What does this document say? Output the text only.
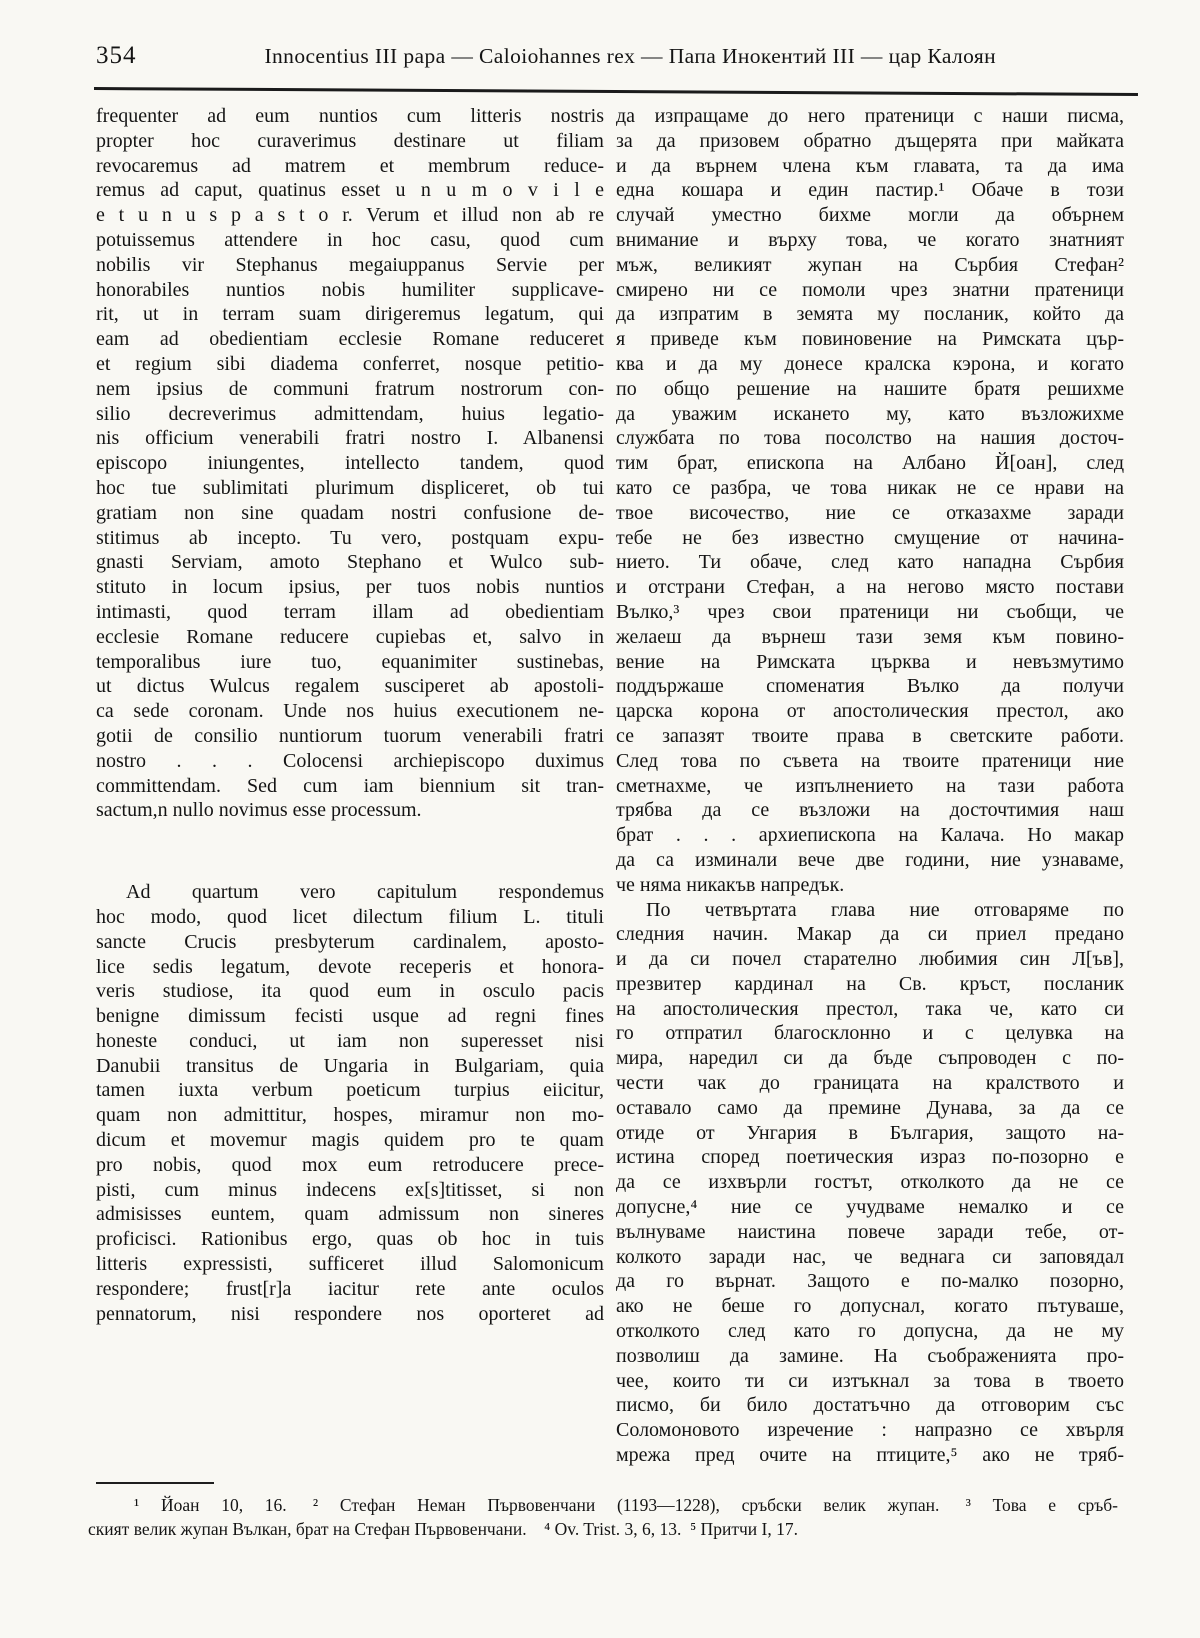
354	Innocentius III papa — Caloiohannes rex — Папа Инокентий III — цар Калоян
frequenter ad eum nuntios cum litteris nostris
propter hoc curaverimus destinare ut filiam
revocaremus ad matrem et membrum reduce-
remus ad caput, quatinus esset u n u m o v i l e
e t u n u s p a s t o r. Verum et illud non ab re
potuissemus attendere in hoc casu, quod cum
nobilis vir Stephanus megaiuppanus Servie per
honorabiles nuntios nobis humiliter supplicave-
rit, ut in terram suam dirigeremus legatum, qui
eam ad obedientiam ecclesie Romane reduceret
et regium sibi diadema conferret, nosque petitio-
nem ipsius de communi fratrum nostrorum con-
silio decreverimus admittendam, huius legatio-
nis officium venerabili fratri nostro I. Albanensi
episcopo iniungentes, intellecto tandem, quod
hoc tue sublimitati plurimum displiceret, ob tui
gratiam non sine quadam nostri confusione de-
stitimus ab incepto. Tu vero, postquam expu-
gnasti Serviam, amoto Stephano et Wulco sub-
stituto in locum ipsius, per tuos nobis nuntios
intimasti, quod terram illam ad obedientiam
ecclesie Romane reducere cupiebas et, salvo in
temporalibus iure tuo, equanimiter sustinebas,
ut dictus Wulcus regalem susciperet ab apostoli-
ca sede coronam. Unde nos huius executionem ne-
gotii de consilio nuntiorum tuorum venerabili fratri
nostro . . . Colocensi archiepiscopo duximus
committendam. Sed cum iam biennium sit tran-
sactum,n nullo novimus esse processum.
Ad quartum vero capitulum respondemus
hoc modo, quod licet dilectum filium L. tituli
sancte Crucis presbyterum cardinalem, aposto-
lice sedis legatum, devote receperis et honora-
veris studiose, ita quod eum in osculo pacis
benigne dimissum fecisti usque ad regni fines
honeste conduci, ut iam non superesset nisi
Danubii transitus de Ungaria in Bulgariam, quia
tamen iuxta verbum poeticum turpius eiicitur,
quam non admittitur, hospes, miramur non mo-
dicum et movemur magis quidem pro te quam
pro nobis, quod mox eum retroducere prece-
pisti, cum minus indecens ex[s]titisset, si non
admisisses euntem, quam admissum non sineres
proficisci. Rationibus ergo, quas ob hoc in tuis
litteris expressisti, sufficeret illud Salomonicum
respondere; frust[r]a iacitur rete ante oculos
pennatorum, nisi respondere nos oporteret ad
да изпращаме до него пратеници с наши писма,
за да призовем обратно дъщерята при майката
и да върнем члена към главата, та да има
една кошара и един пастир.¹ Обаче в този
случай уместно бихме могли да обърнем
внимание и върху това, че когато знатният
мъж, великият жупан на Сърбия Стефан²
смирено ни се помоли чрез знатни пратеници
да изпратим в земята му посланик, който да
я приведе към повиновение на Римската цър-
ква и да му донесе кралска кэрона, и когато
по общо решение на нашите братя решихме
да уважим искането му, като възложихме
службата по това посолство на нашия досточ-
тим брат, епископа на Албано Й[оан], след
като се разбра, че това никак не се нрави на
твое височество, ние се отказахме заради
тебе не без известно смущение от начина-
нието. Ти обаче, след като нападна Сърбия
и отстрани Стефан, а на негово място постави
Вълко,³ чрез свои пратеници ни съобщи, че
желаеш да върнеш тази земя към повино-
вение на Римската църква и невъзмутимо
поддържаше споменатия Вълко да получи
царска корона от апостолическия престол, ако
се запазят твоите права в светските работи.
След това по съвета на твоите пратеници ние
сметнахме, че изпълнението на тази работа
трябва да се възложи на досточтимия наш
брат . . . архиепископа на Калача. Но макар
да са изминали вече две години, ние узнаваме,
че няма никакъв напредък.
По четвъртата глава ние отговаряме по
следния начин. Макар да си приел предано
и да си почел старателно любимия син Л[ъв],
презвитер кардинал на Св. кръст, посланик
на апостолическия престол, така че, като си
го отпратил благосклонно и с целувка на
мира, наредил си да бъде съпроводен с по-
чести чак до границата на кралството и
оставало само да премине Дунава, за да се
отиде от Унгария в България, защото на-
истина според поетическия израз по-позорно е
да се изхвърли гостът, отколкото да не се
допусне,⁴ ние се учудваме немалко и се
вълнуваме наистина повече заради тебе, от-
колкото заради нас, че веднага си заповядал
да го върнат. Защото е по-малко позорно,
ако не беше го допуснал, когато пътуваше,
отколкото след като го допусна, да не му
позволиш да замине. На съображенията про-
чее, които ти си изтъкнал за това в твоето
писмо, би било достатъчно да отговорим със
Соломоновото изречение : напразно се хвърля
мрежа пред очите на птиците,⁵ ако не тряб-
¹ Йоан 10, 16.  ² Стефан Неман Първовенчани (1193—1228), сръбски велик жупан.  ³ Това е сръб-
ският велик жупан Вълкан, брат на Стефан Първовенчани. ⁴ Ov. Trist. 3, 6, 13. ⁵ Притчи I, 17.
